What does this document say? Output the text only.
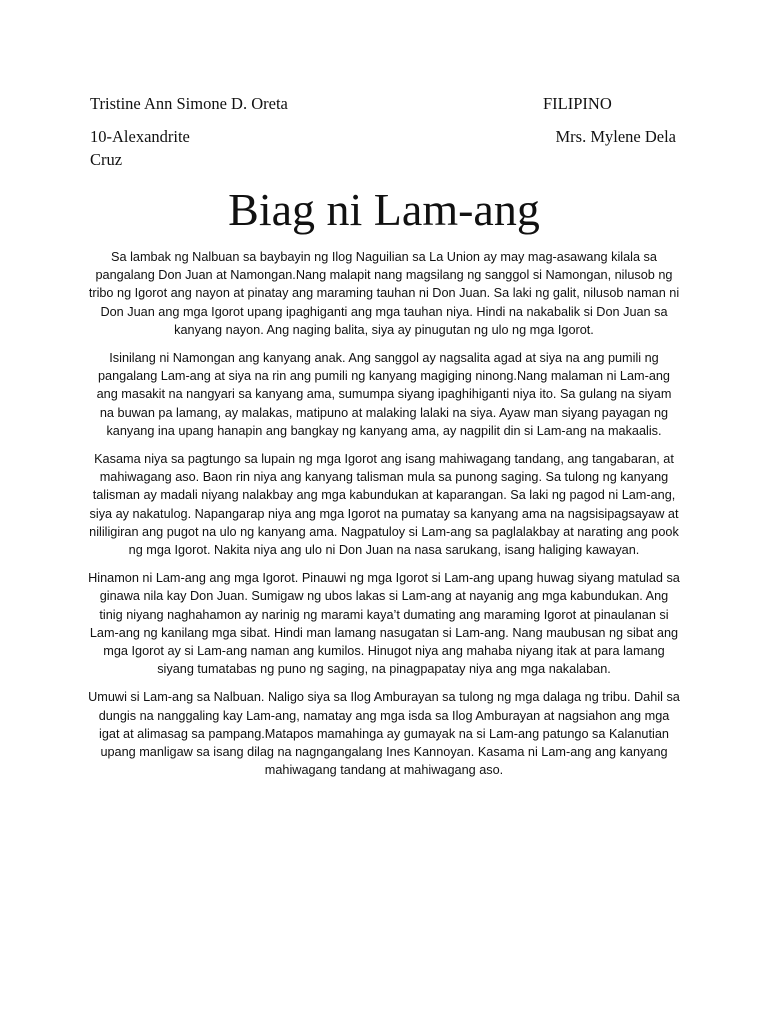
Tristine Ann Simone D. Oreta	FILIPINO
10-Alexandrite	Mrs. Mylene Dela
Cruz
Biag ni Lam-ang

Sa lambak ng Nalbuan sa baybayin ng Ilog Naguilian sa La Union ay may mag-asawang kilala sa pangalang Don Juan at Namongan.Nang malapit nang magsilang ng sanggol si Namongan, nilusob ng tribo ng Igorot ang nayon at pinatay ang maraming tauhan ni Don Juan. Sa laki ng galit, nilusob naman ni Don Juan ang mga Igorot upang ipaghiganti ang mga tauhan niya. Hindi na nakabalik si Don Juan sa kanyang nayon. Ang naging balita, siya ay pinugutan ng ulo ng mga Igorot.

Isinilang ni Namongan ang kanyang anak. Ang sanggol ay nagsalita agad at siya na ang pumili ng pangalang Lam-ang at siya na rin ang pumili ng kanyang magiging ninong.Nang malaman ni Lam-ang ang masakit na nangyari sa kanyang ama, sumumpa siyang ipaghihiganti niya ito. Sa gulang na siyam na buwan pa lamang, ay malakas, matipuno at malaking lalaki na siya. Ayaw man siyang payagan ng kanyang ina upang hanapin ang bangkay ng kanyang ama, ay nagpilit din si Lam-ang na makaalis.

Kasama niya sa pagtungo sa lupain ng mga Igorot ang isang mahiwagang tandang, ang tangabaran, at mahiwagang aso. Baon rin niya ang kanyang talisman mula sa punong saging. Sa tulong ng kanyang talisman ay madali niyang nalakbay ang mga kabundukan at kaparangan. Sa laki ng pagod ni Lam-ang, siya ay nakatulog. Napangarap niya ang mga Igorot na pumatay sa kanyang ama na nagsisipagsayaw at nililigiran ang pugot na ulo ng kanyang ama. Nagpatuloy si Lam-ang sa paglalakbay at narating ang pook ng mga Igorot. Nakita niya ang ulo ni Don Juan na nasa sarukang, isang haliging kawayan.

Hinamon ni Lam-ang ang mga Igorot. Pinauwi ng mga Igorot si Lam-ang upang huwag siyang matulad sa ginawa nila kay Don Juan. Sumigaw ng ubos lakas si Lam-ang at nayanig ang mga kabundukan. Ang tinig niyang naghahamon ay narinig ng marami kaya’t dumating ang maraming Igorot at pinaulanan si Lam-ang ng kanilang mga sibat. Hindi man lamang nasugatan si Lam-ang. Nang maubusan ng sibat ang mga Igorot ay si Lam-ang naman ang kumilos. Hinugot niya ang mahaba niyang itak at para lamang siyang tumatabas ng puno ng saging, na pinagpapatay niya ang mga nakalaban.

Umuwi si Lam-ang sa Nalbuan. Naligo siya sa Ilog Amburayan sa tulong ng mga dalaga ng tribu. Dahil sa dungis na nanggaling kay Lam-ang, namatay ang mga isda sa Ilog Amburayan at nagsiahon ang mga igat at alimasag sa pampang.Matapos mamahinga ay gumayak na si Lam-ang patungo sa Kalanutian upang manligaw sa isang dilag na nagngangalang Ines Kannoyan. Kasama ni Lam-ang ang kanyang mahiwagang tandang at mahiwagang aso.
